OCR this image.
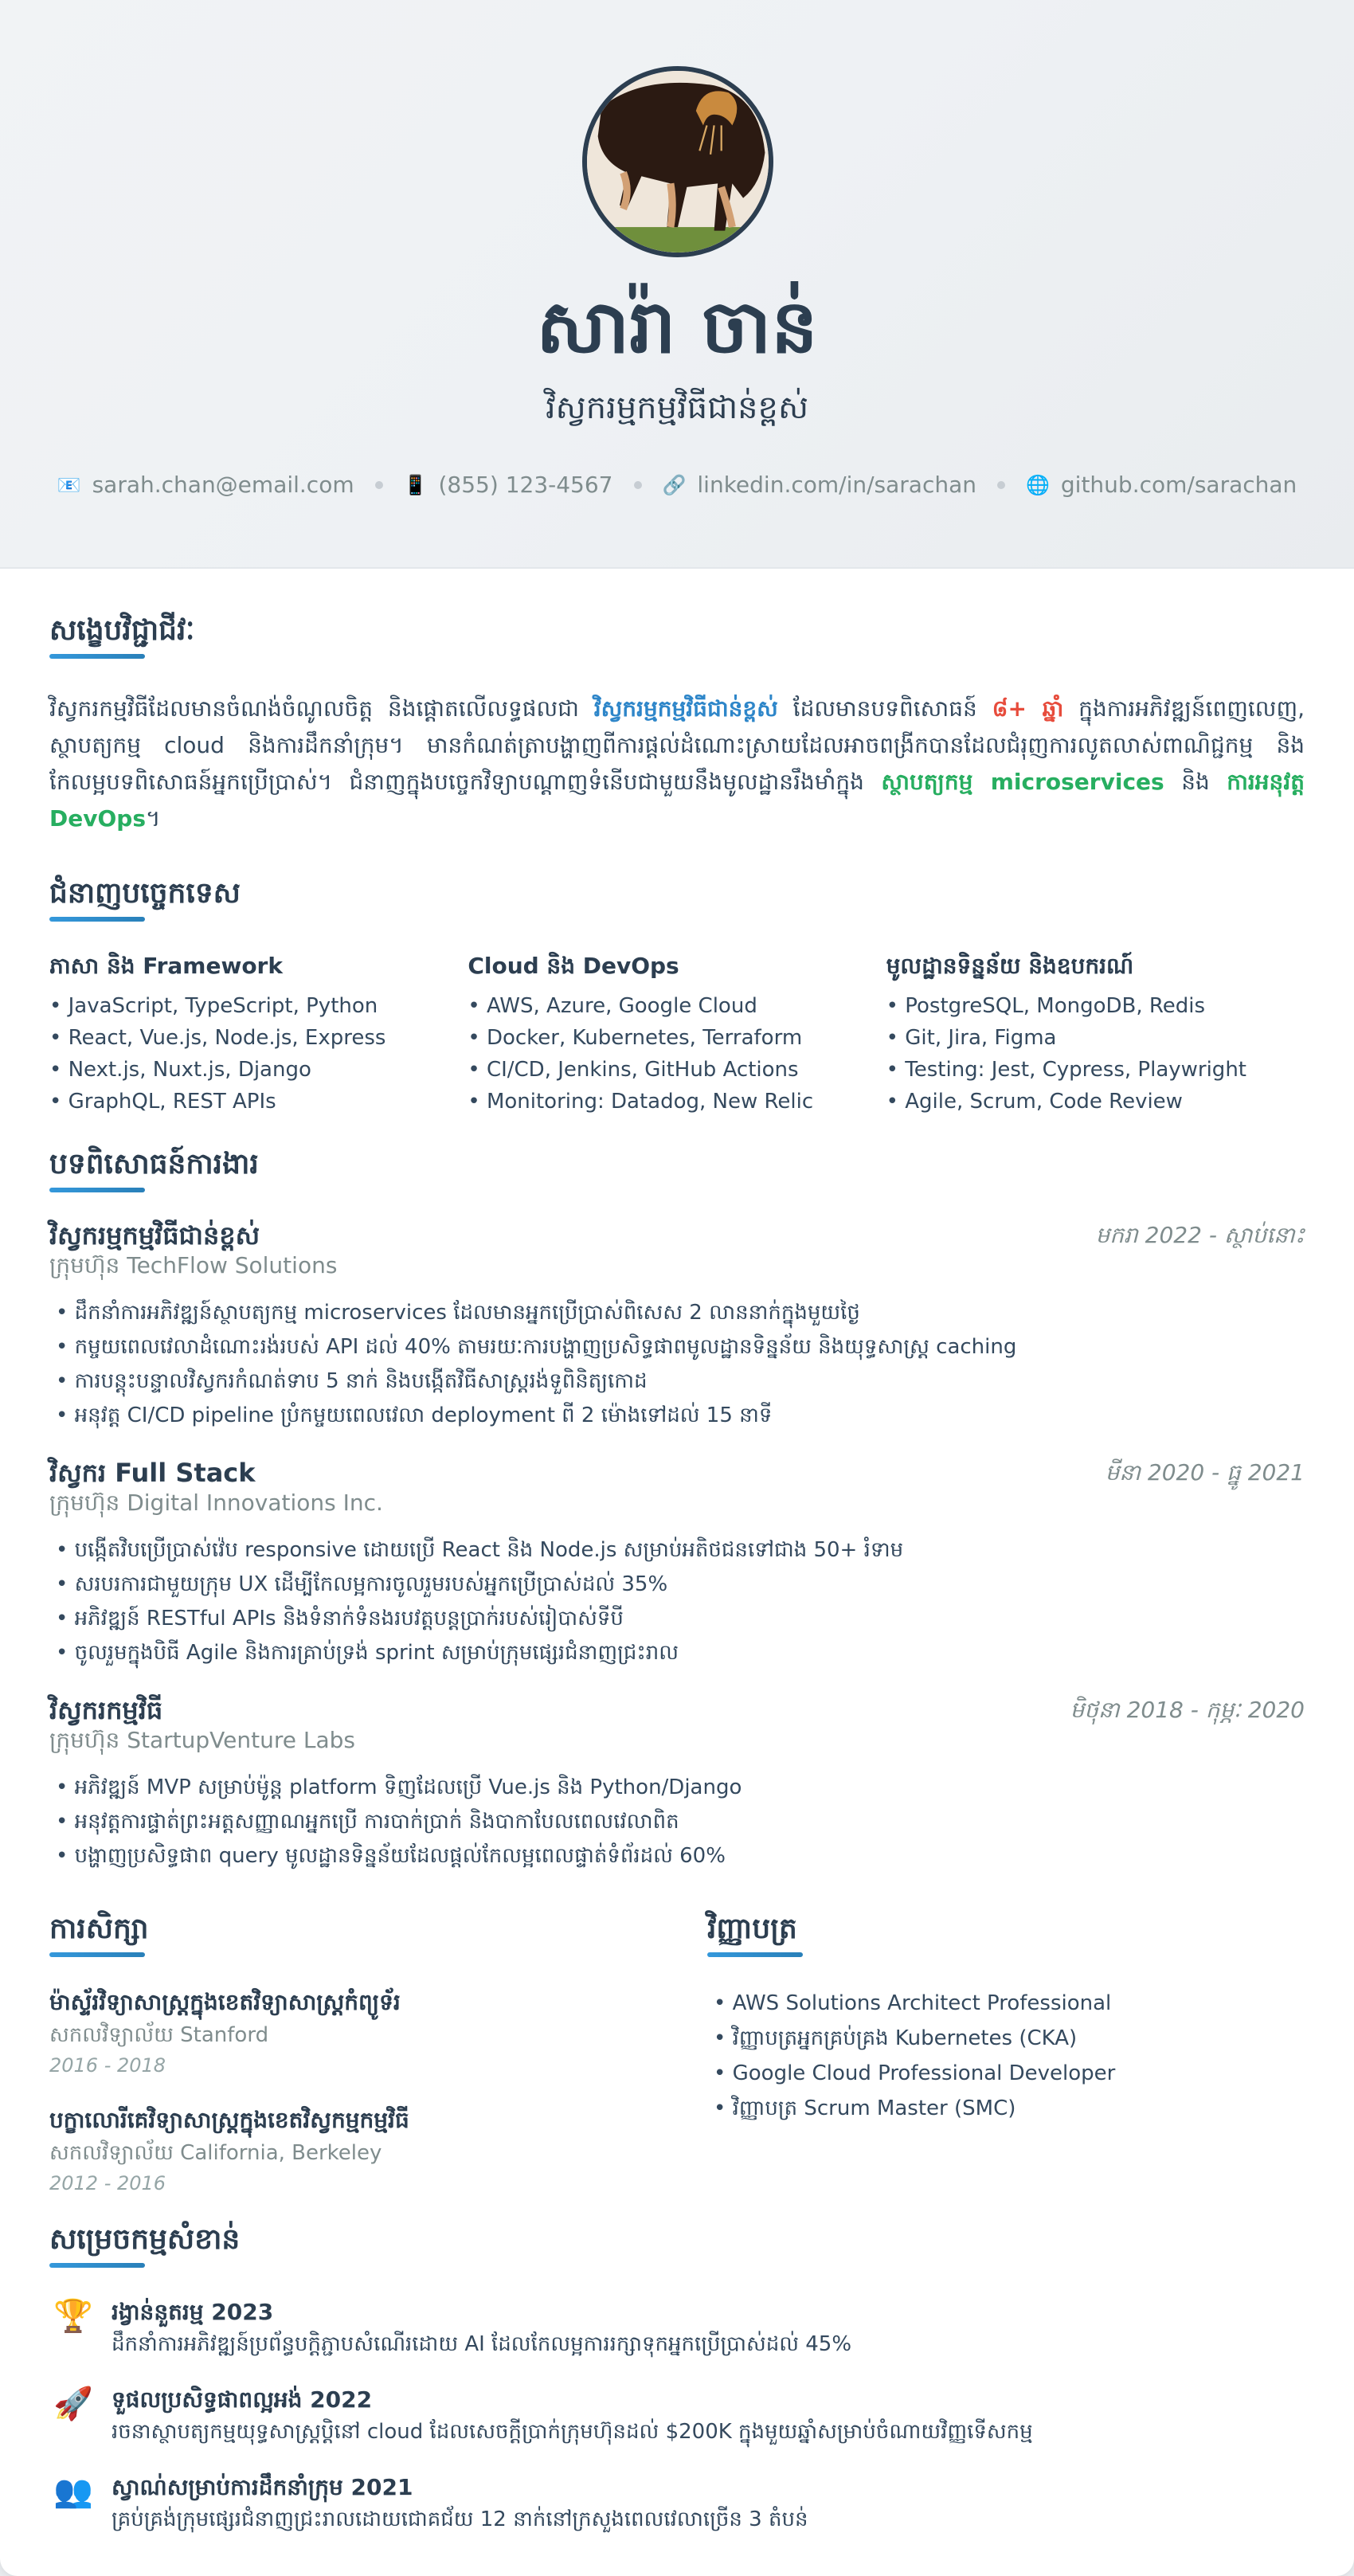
សារ៉ា ចាន់
វិស្វករម្មកម្មវិធីជាន់ខ្ពស់
📧 sarah.chan@email.com	📱 (855) 123-4567	🔗 linkedin.com/in/sarachan	🌐 github.com/sarachan
សង្ខេបវិជ្ជាជីវៈ

វិស្វករកម្មវិធីដែលមានចំណង់ចំណូលចិត្ត និងផ្តោតលើលទ្ធផលជា វិស្វករម្មកម្មវិធីជាន់ខ្ពស់ ដែលមានបទពិសោធន៍ ៨+ ឆ្នាំ ក្នុងការអភិវឌ្ឍន៍ពេញលេញ, ស្ថាបត្យកម្ម cloud និងការដឹកនាំក្រុម។ មានកំណត់ត្រាបង្ហាញពីការផ្តល់ដំណោះស្រាយដែលអាចពង្រីកបានដែលជំរុញការលូតលាស់ពាណិជ្ជកម្ម និងកែលម្អបទពិសោធន៍អ្នកប្រើប្រាស់។ ជំនាញក្នុងបច្ចេកវិទ្យាបណ្តាញទំនើបជាមួយនឹងមូលដ្ឋានរឹងមាំក្នុង ស្ថាបត្យកម្ម microservices និង ការអនុវត្ត DevOps។

ជំនាញបច្ចេកទេស
ភាសា និង Framework
• JavaScript, TypeScript, Python
• React, Vue.js, Node.js, Express
• Next.js, Nuxt.js, Django
• GraphQL, REST APIs
Cloud និង DevOps
• AWS, Azure, Google Cloud
• Docker, Kubernetes, Terraform
• CI/CD, Jenkins, GitHub Actions
• Monitoring: Datadog, New Relic
មូលដ្ឋានទិន្នន័យ និងឧបករណ៍
• PostgreSQL, MongoDB, Redis
• Git, Jira, Figma
• Testing: Jest, Cypress, Playwright
• Agile, Scrum, Code Review
បទពិសោធន៍ការងារ
វិស្វករម្មកម្មវិធីជាន់ខ្ពស់
ក្រុមហ៊ុន TechFlow Solutions
មករា 2022 - ស្ថាប់នោះ
• ដឹកនាំការអភិវឌ្ឍន៍ស្ថាបត្យកម្ម microservices ដែលមានអ្នកប្រើប្រាស់ពិសេស 2 លាននាក់ក្នុងមួយថ្ងៃ
• កម្ចយពេលវេលាដំណោះរង់របស់ API ដល់ 40% តាមរយៈការបង្ហាញប្រសិទ្ធផាពមូលដ្ឋានទិន្នន័យ និងយុទ្ធសាស្ត្រ caching
• ការបន្តុះបន្ទាលវិស្វករកំណត់ទាប 5 នាក់ និងបង្កើតវិធីសាស្ត្ររង់ទួពិនិត្យកោដ
• អនុវត្ត CI/CD pipeline ប្រំកម្ចយពេលវេលា deployment ពី 2 ម៉ោងទៅដល់ 15 នាទី
វិស្វករ Full Stack
ក្រុមហ៊ុន Digital Innovations Inc.
មីនា 2020 - ធ្នូ 2021
• បង្កើតវិបប្រើប្រាស់វ៉េប responsive ដោយប្រើ React និង Node.js សម្រាប់អតិថជនទៅជាង 50+ រំទាម
• សរបរការជាមួយក្រុម UX ដើម្បីកែលម្អការចូលរួមរបស់អ្នកប្រើប្រាស់ដល់ 35%
• អភិវឌ្ឍន៍ RESTful APIs និងទំនាក់ទំនងរបវត្តបន្តប្រាក់របស់រៀបាស់ទីបី
• ចូលរួមក្នុងបិធី Agile និងការគ្រាប់ទ្រង់ sprint សម្រាប់ក្រុមផ្សេរជំនាញជ្រះរាល
វិស្វករកម្មវិធី
ក្រុមហ៊ុន StartupVenture Labs
មិថុនា 2018 - កុម្ភៈ 2020
• អភិវឌ្ឍន៍ MVP សម្រាប់ម៉ូន្ត platform ទិញដែលប្រើ Vue.js និង Python/Django
• អនុវត្តការផ្ទាត់ព្រះអត្តសញ្ញាណអ្នកប្រើ ការបាក់ប្រាក់ និងបាកាបែលពេលវេលាពិត
• បង្ហាញប្រសិទ្ធផាព query មូលដ្ឋានទិន្នន័យដែលផ្តល់កែលម្អពេលផ្ទាត់ទំព័រដល់ 60%
ការសិក្សា
ម៉ាស្ទ័រវិទ្យាសាស្ត្រក្នុងខេតវិទ្យាសាស្ត្រកំព្យូទ័រ
សកលវិទ្យាល័យ Stanford
2016 - 2018
បក្ខាលោរីគេវិទ្យាសាស្ត្រក្នុងខេតវិស្វកម្មកម្មវិធី
សកលវិទ្យាល័យ California, Berkeley
2012 - 2016
វិញ្ញាបត្រ
• AWS Solutions Architect Professional
• វិញ្ញាបត្រអ្នកគ្រប់គ្រង Kubernetes (CKA)
• Google Cloud Professional Developer
• វិញ្ញាបត្រ Scrum Master (SMC)
សម្រេចកម្មសំខាន់
🏆 រង្វាន់នួតរម្ម 2023
ដឹកនាំការអភិវឌ្ឍន៍ប្រព័ន្ធបក្តិភ្ជាបសំណើរដោយ AI ដែលកែលម្អការរក្សាទុកអ្នកប្រើប្រាស់ដល់ 45%
🚀 ទួផលប្រសិទ្ធផាពល្អអង់ 2022
រចនាស្ថាបត្យកម្មយុទ្ធសាស្ត្រប្តិនៅ cloud ដែលសេចក្តីប្រាក់ក្រុមហ៊ុនដល់ $200K ក្នុងមួយឆ្នាំសម្រាប់ចំណាយវិញ្ញទើសកម្ម
👥 ស្វាណ់សម្រាប់ការដឹកនាំក្រុម 2021
គ្រប់គ្រង់ក្រុមផ្សេរជំនាញជ្រះរាលដោយជោគជ័យ 12 នាក់នៅក្រសួងពេលវេលាច្រើន 3 តំបន់
